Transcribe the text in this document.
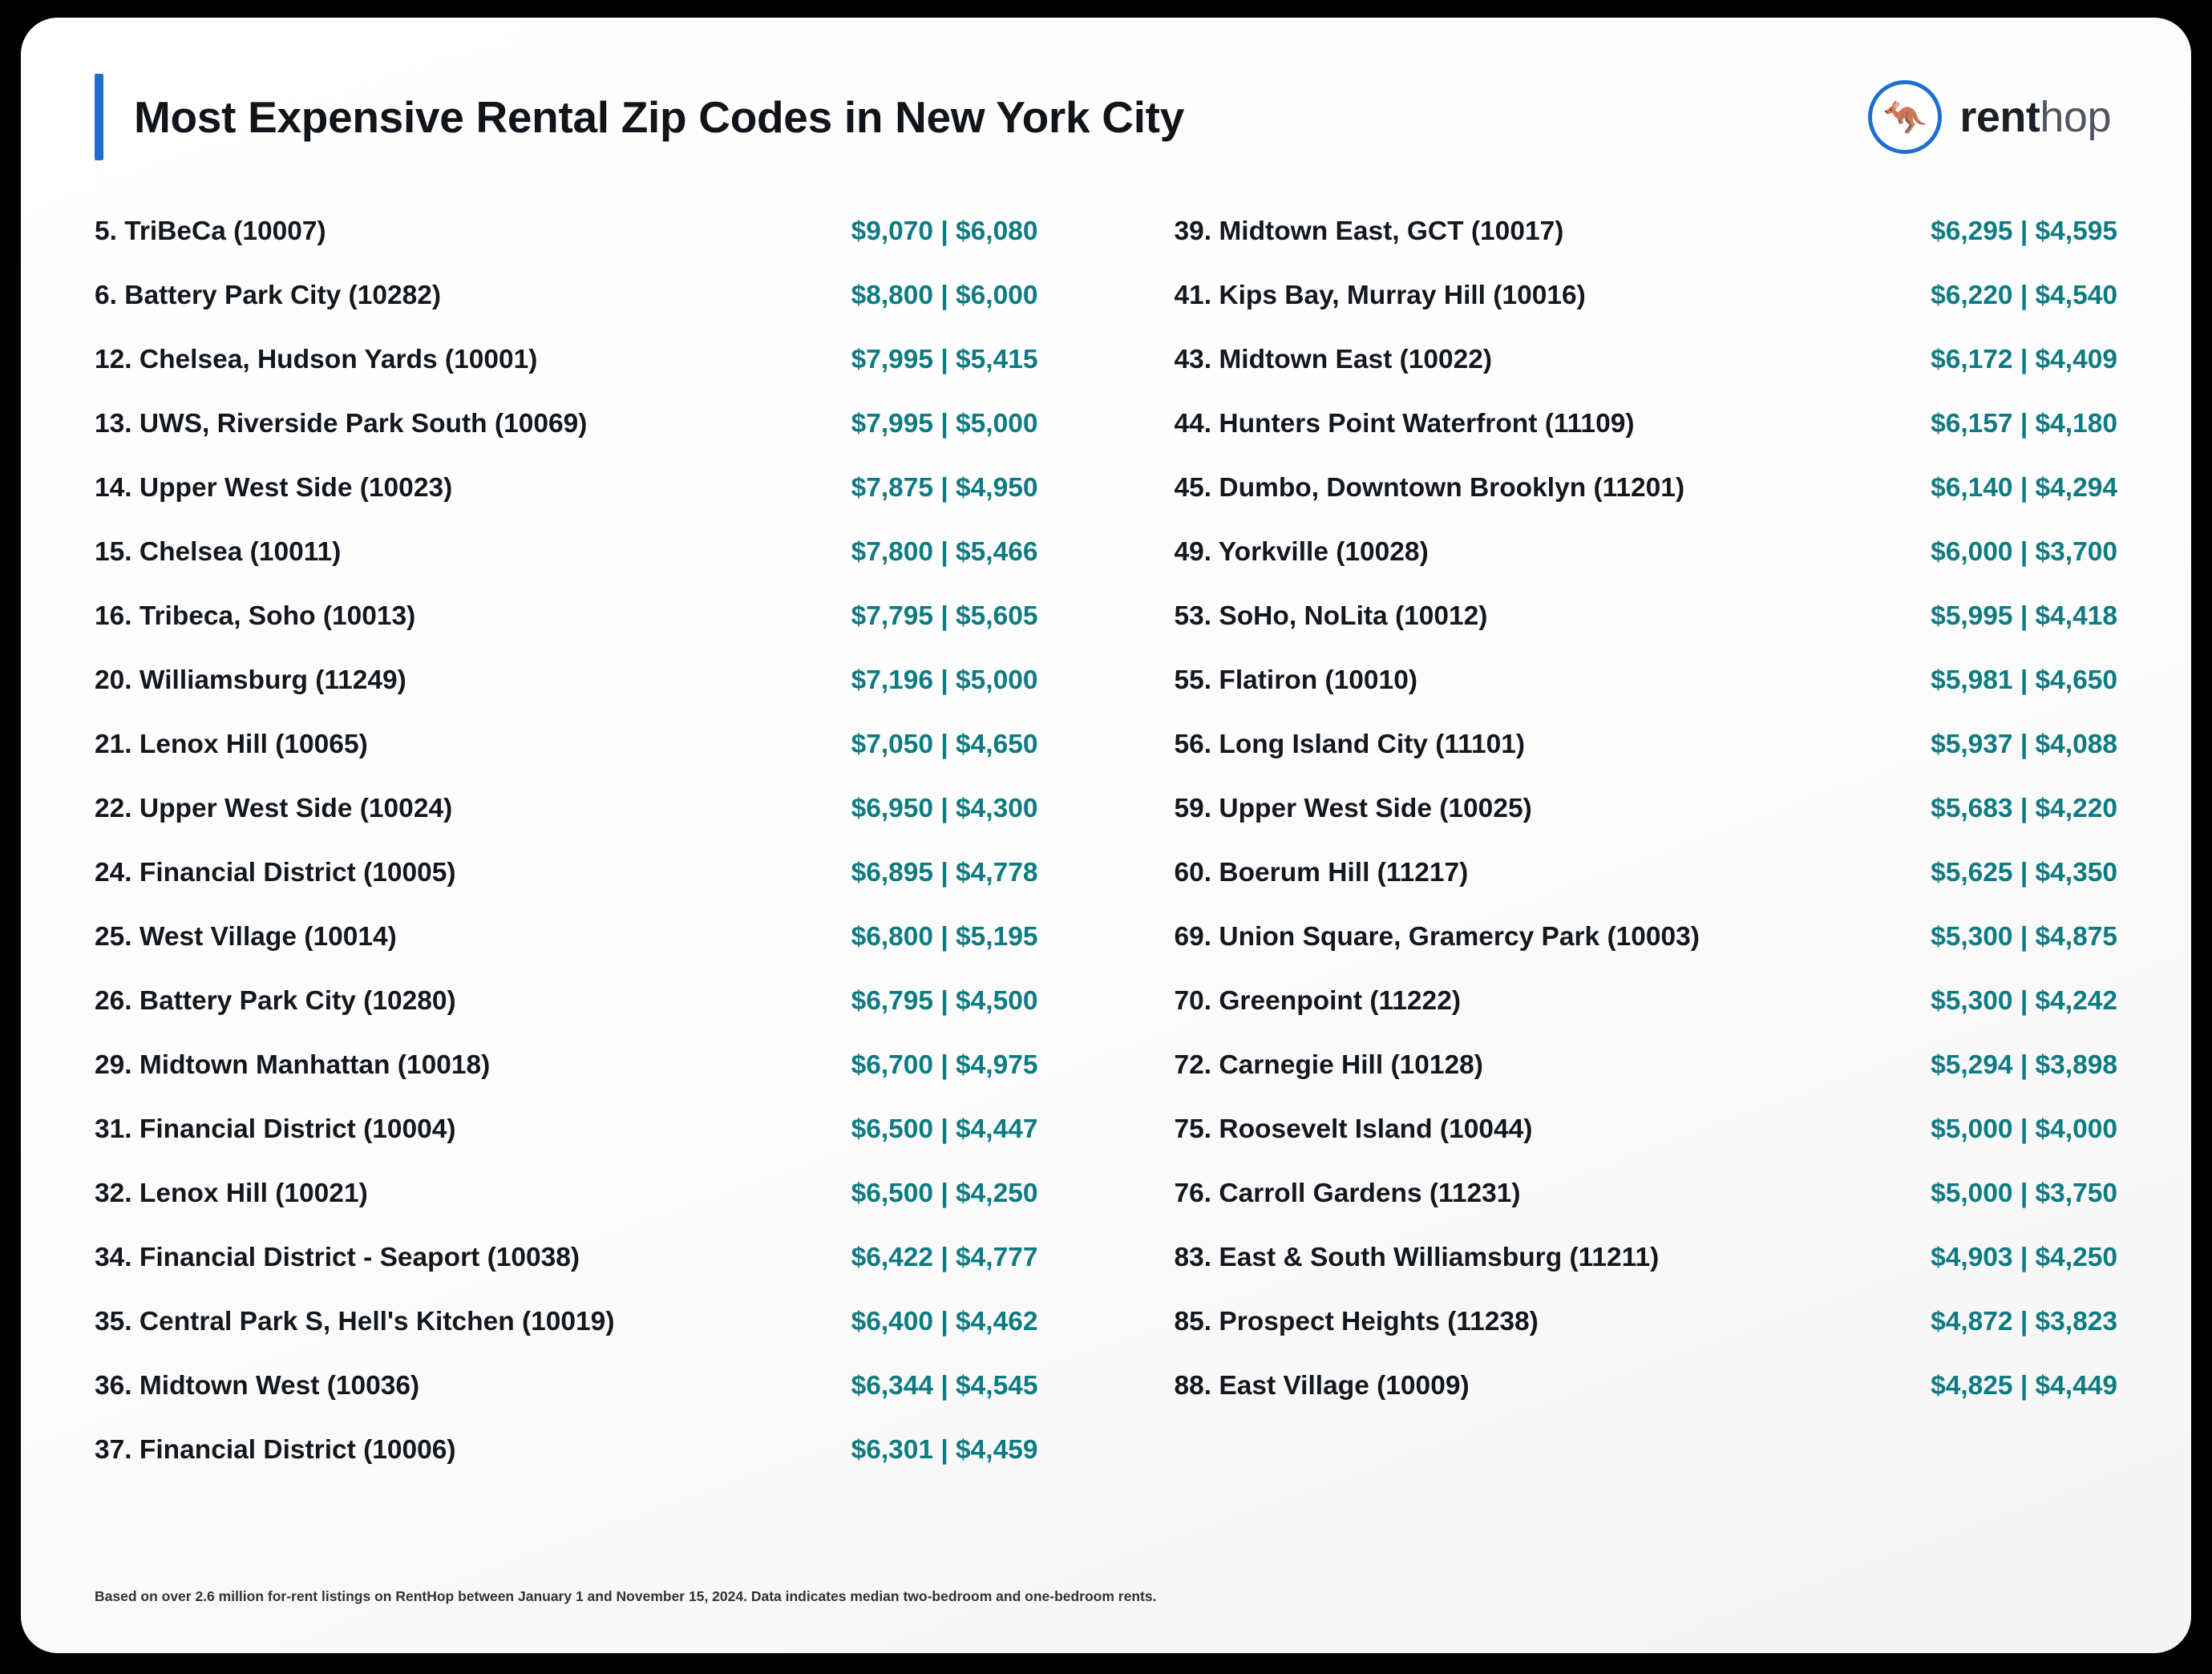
Most Expensive Rental Zip Codes in New York City	🦘 renthop
5. TriBeCa (10007)	$9,070 | $6,080
6. Battery Park City (10282)	$8,800 | $6,000
12. Chelsea, Hudson Yards (10001)	$7,995 | $5,415
13. UWS, Riverside Park South (10069)	$7,995 | $5,000
14. Upper West Side (10023)	$7,875 | $4,950
15. Chelsea (10011)	$7,800 | $5,466
16. Tribeca, Soho (10013)	$7,795 | $5,605
20. Williamsburg (11249)	$7,196 | $5,000
21. Lenox Hill (10065)	$7,050 | $4,650
22. Upper West Side (10024)	$6,950 | $4,300
24. Financial District (10005)	$6,895 | $4,778
25. West Village (10014)	$6,800 | $5,195
26. Battery Park City (10280)	$6,795 | $4,500
29. Midtown Manhattan (10018)	$6,700 | $4,975
31. Financial District (10004)	$6,500 | $4,447
32. Lenox Hill (10021)	$6,500 | $4,250
34. Financial District - Seaport (10038)	$6,422 | $4,777
35. Central Park S, Hell's Kitchen (10019)	$6,400 | $4,462
36. Midtown West (10036)	$6,344 | $4,545
37. Financial District (10006)	$6,301 | $4,459
39. Midtown East, GCT (10017)	$6,295 | $4,595
41. Kips Bay, Murray Hill (10016)	$6,220 | $4,540
43. Midtown East (10022)	$6,172 | $4,409
44. Hunters Point Waterfront (11109)	$6,157 | $4,180
45. Dumbo, Downtown Brooklyn (11201)	$6,140 | $4,294
49. Yorkville (10028)	$6,000 | $3,700
53. SoHo, NoLita (10012)	$5,995 | $4,418
55. Flatiron (10010)	$5,981 | $4,650
56. Long Island City (11101)	$5,937 | $4,088
59. Upper West Side (10025)	$5,683 | $4,220
60. Boerum Hill (11217)	$5,625 | $4,350
69. Union Square, Gramercy Park (10003)	$5,300 | $4,875
70. Greenpoint (11222)	$5,300 | $4,242
72. Carnegie Hill (10128)	$5,294 | $3,898
75. Roosevelt Island (10044)	$5,000 | $4,000
76. Carroll Gardens (11231)	$5,000 | $3,750
83. East & South Williamsburg (11211)	$4,903 | $4,250
85. Prospect Heights (11238)	$4,872 | $3,823
88. East Village (10009)	$4,825 | $4,449
Based on over 2.6 million for-rent listings on RentHop between January 1 and November 15, 2024. Data indicates median two-bedroom and one-bedroom rents.
